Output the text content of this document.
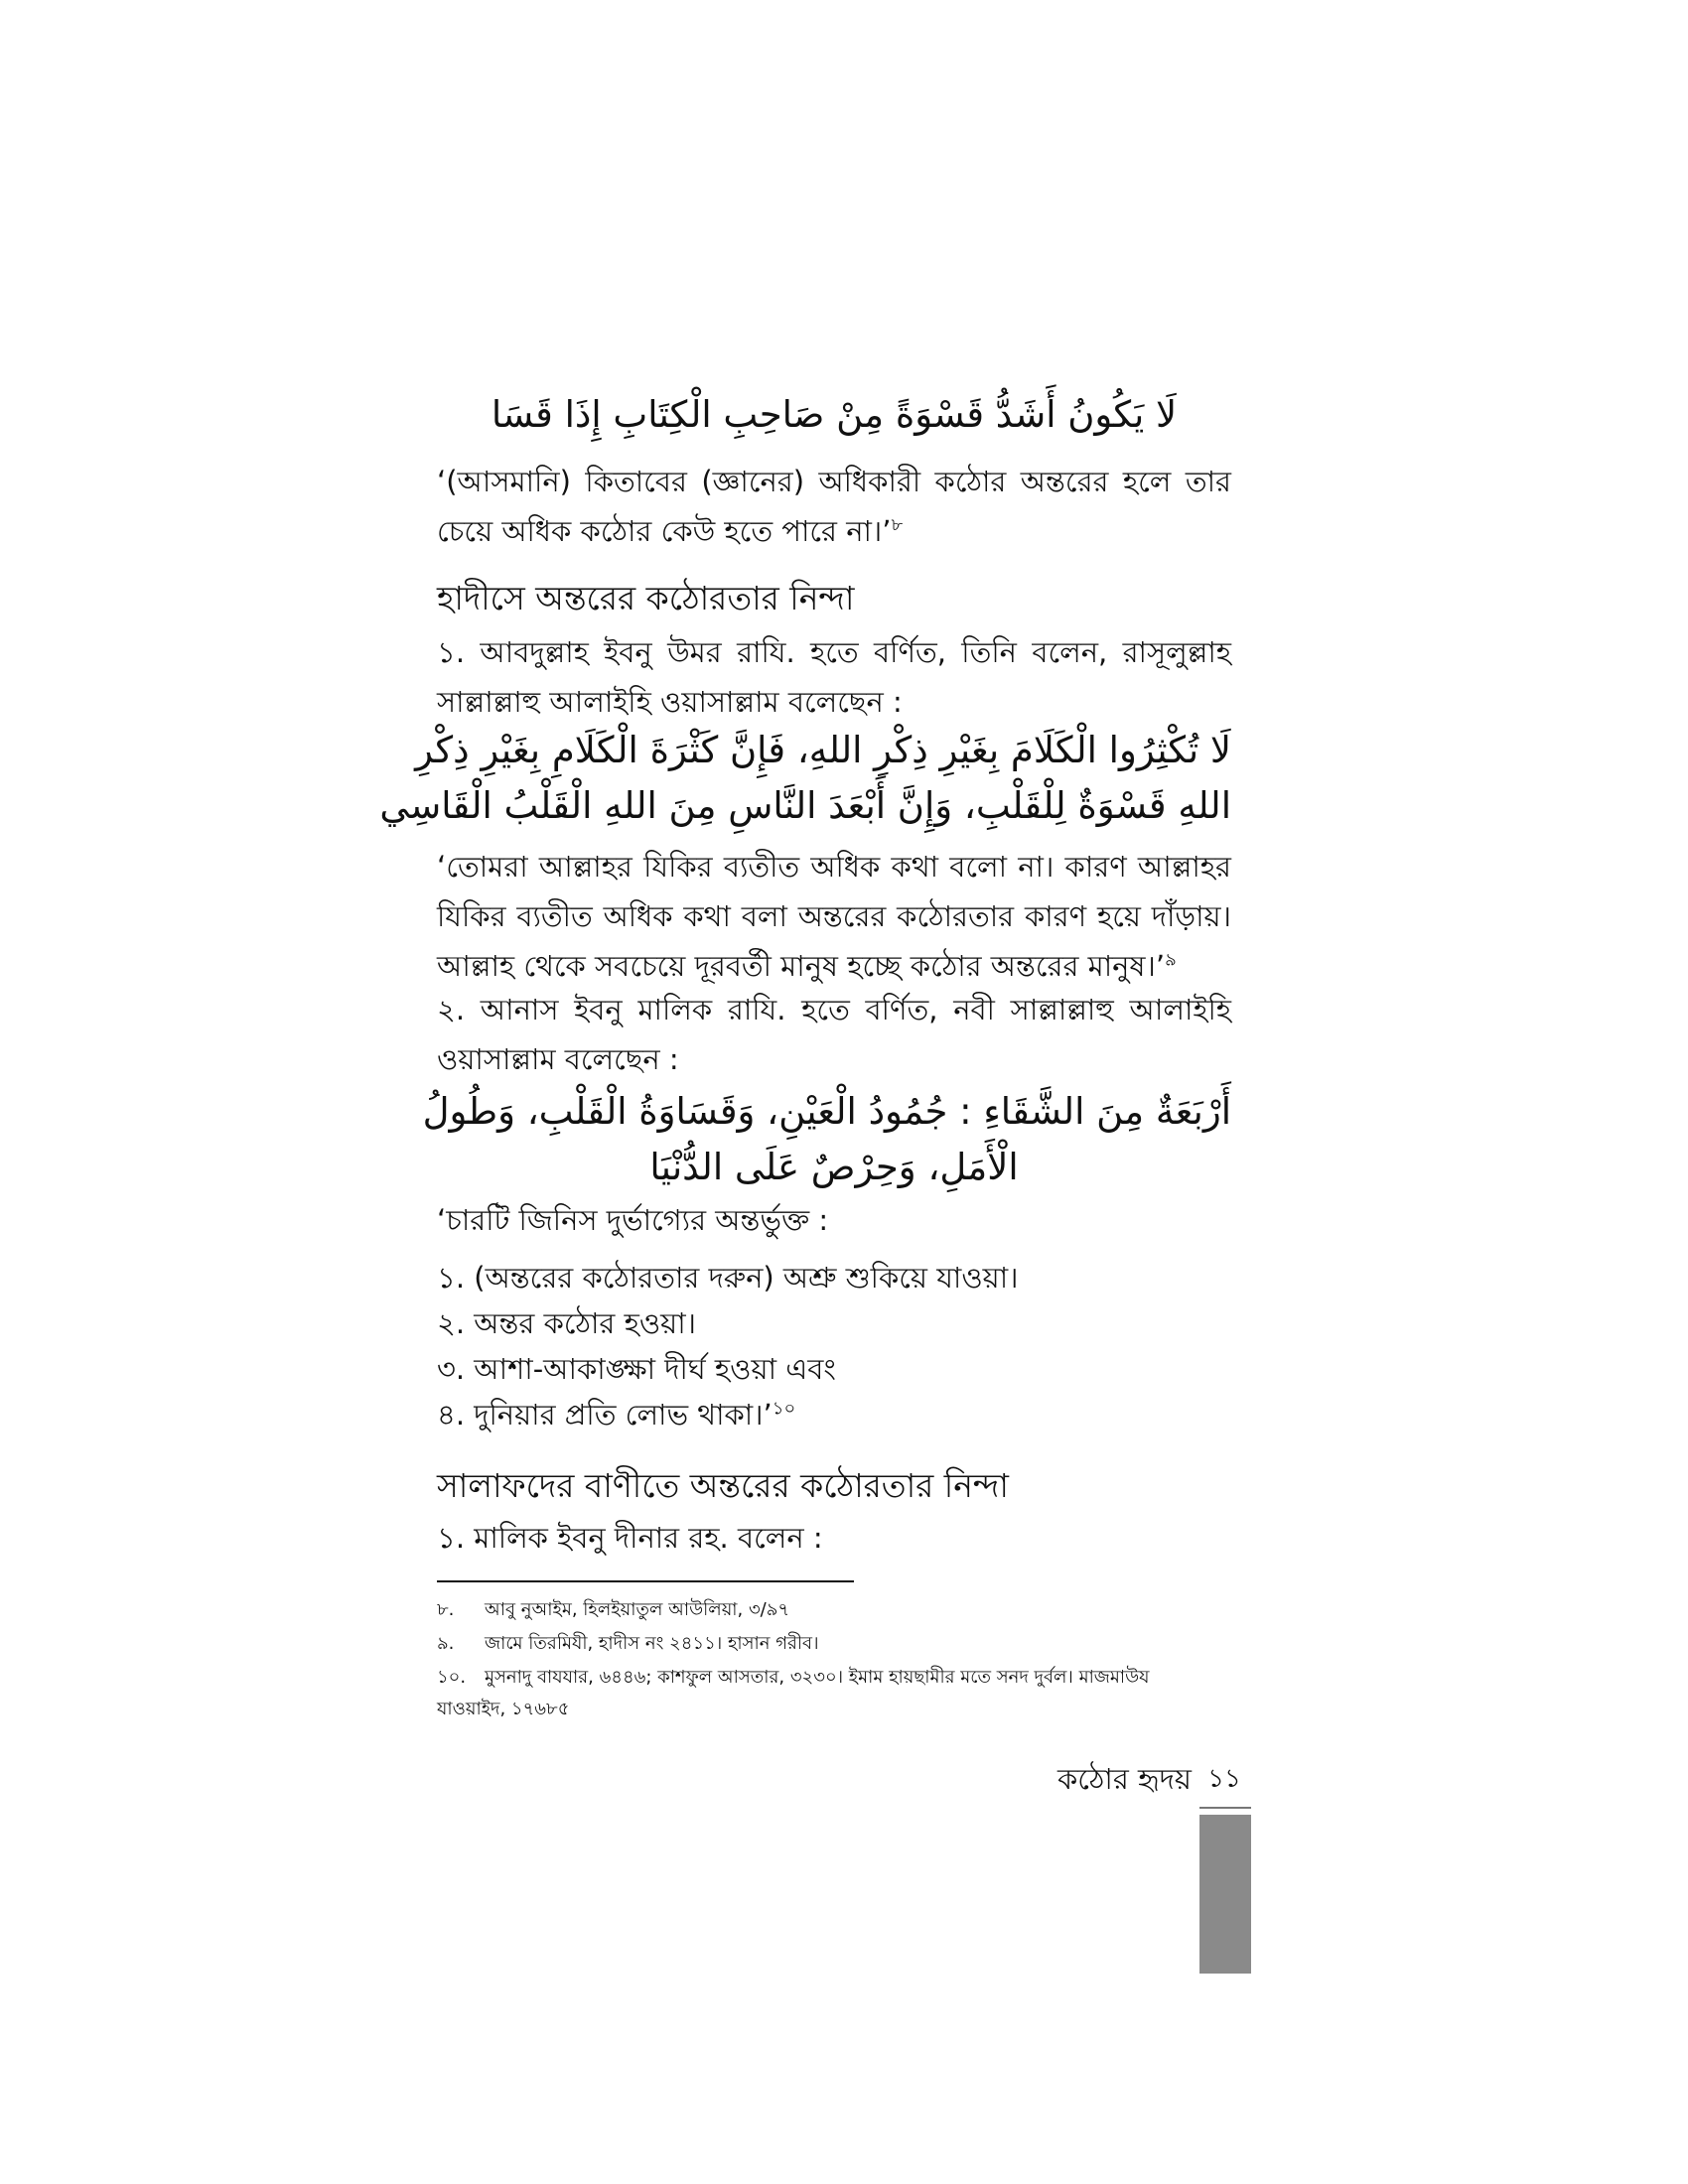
لَا يَكُونُ أَشَدُّ قَسْوَةً مِنْ صَاحِبِ الْكِتَابِ إِذَا قَسَا

‘(আসমানি) কিতাবের (জ্ঞানের) অধিকারী কঠোর অন্তরের হলে তার চেয়ে অধিক কঠোর কেউ হতে পারে না।’$^৮$

হাদীসে অন্তরের কঠোরতার নিন্দা

১. আবদুল্লাহ ইবনু উমর রাযি. হতে বর্ণিত, তিনি বলেন, রাসূলুল্লাহ সাল্লাল্লাহু আলাইহি ওয়াসাল্লাম বলেছেন :

لَا تُكْثِرُوا الْكَلَامَ بِغَيْرِ ذِكْرِ اللهِ، فَإِنَّ كَثْرَةَ الْكَلَامِ بِغَيْرِ ذِكْرِ
اللهِ قَسْوَةٌ لِلْقَلْبِ، وَإِنَّ أَبْعَدَ النَّاسِ مِنَ اللهِ الْقَلْبُ الْقَاسِي

‘তোমরা আল্লাহর যিকির ব্যতীত অধিক কথা বলো না। কারণ আল্লাহর যিকির ব্যতীত অধিক কথা বলা অন্তরের কঠোরতার কারণ হয়ে দাঁড়ায়। আল্লাহ থেকে সবচেয়ে দূরবর্তী মানুষ হচ্ছে কঠোর অন্তরের মানুষ।’$^৯$

২. আনাস ইবনু মালিক রাযি. হতে বর্ণিত, নবী সাল্লাল্লাহু আলাইহি ওয়াসাল্লাম বলেছেন :

أَرْبَعَةٌ مِنَ الشَّقَاءِ : جُمُودُ الْعَيْنِ، وَقَسَاوَةُ الْقَلْبِ، وَطُولُ
الْأَمَلِ، وَحِرْصٌ عَلَى الدُّنْيَا

‘চারটি জিনিস দুর্ভাগ্যের অন্তর্ভুক্ত :

১. (অন্তরের কঠোরতার দরুন) অশ্রু শুকিয়ে যাওয়া।

২. অন্তর কঠোর হওয়া।

৩. আশা-আকাঙ্ক্ষা দীর্ঘ হওয়া এবং

৪. দুনিয়ার প্রতি লোভ থাকা।’$^{১০}$

সালাফদের বাণীতে অন্তরের কঠোরতার নিন্দা

১. মালিক ইবনু দীনার রহ. বলেন :

৮. আবু নুআইম, হিলইয়াতুল আউলিয়া, ৩/৯৭

৯. জামে তিরমিযী, হাদীস নং ২৪১১। হাসান গরীব।

১০. মুসনাদু বাযযার, ৬৪৪৬; কাশফুল আসতার, ৩২৩০। ইমাম হায়ছামীর মতে সনদ দুর্বল। মাজমাউয

যাওয়াইদ, ১৭৬৮৫

কঠোর হৃদয় ১১
